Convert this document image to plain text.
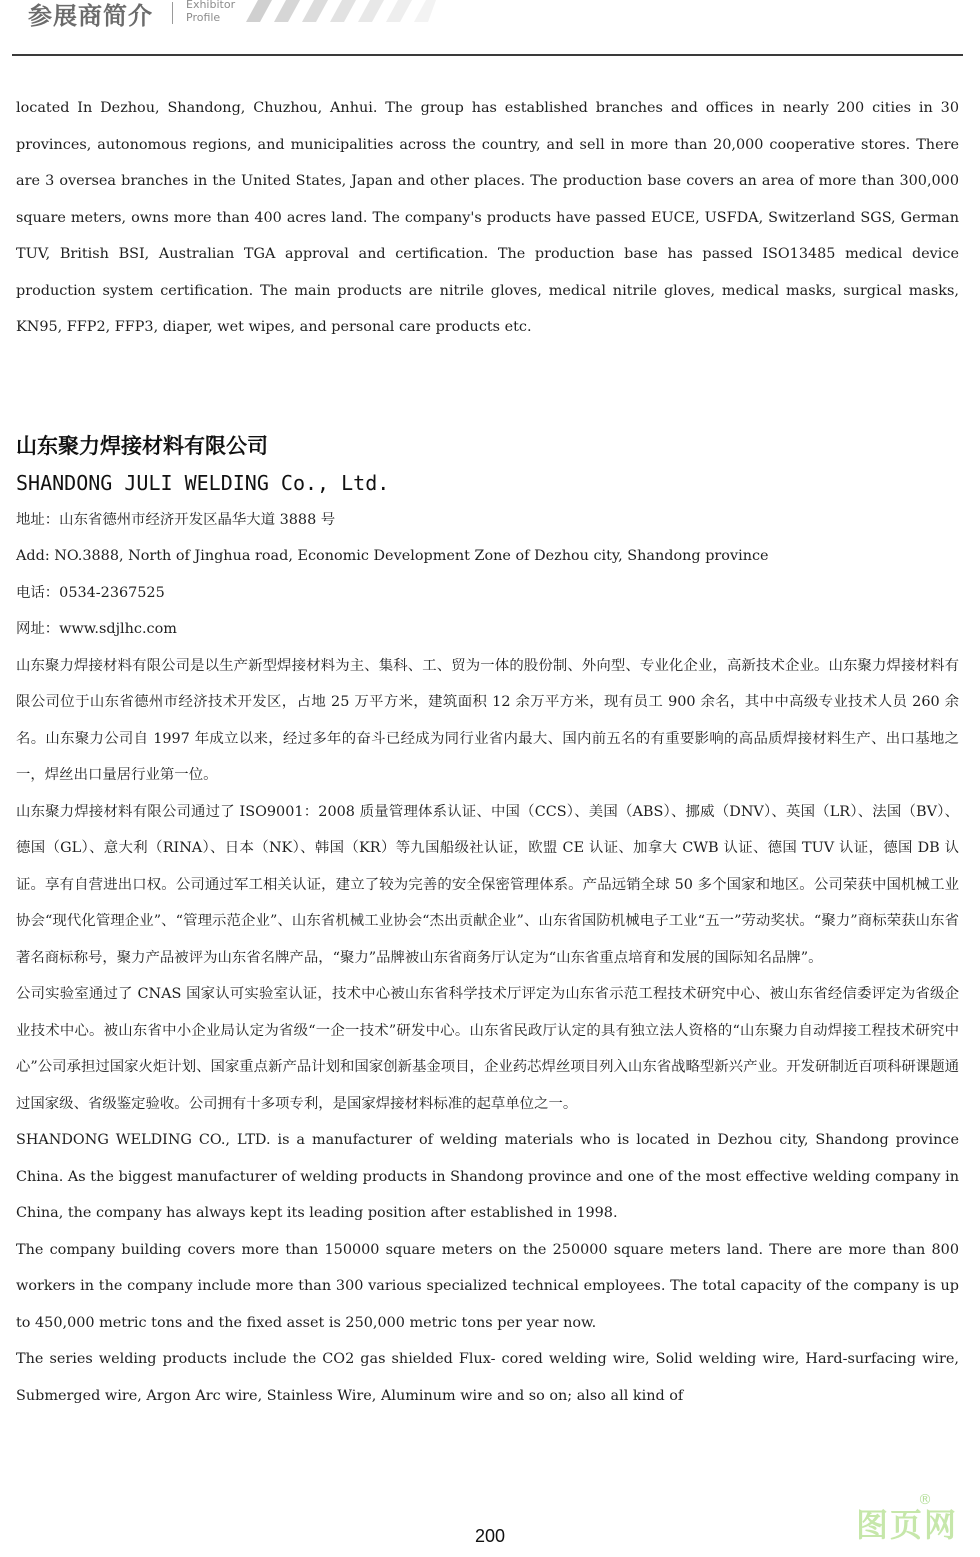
参展商简介	Exhibitor
Profile

located In Dezhou, Shandong, Chuzhou, Anhui. The group has established branches and offices in nearly 200 cities in 30 provinces, autonomous regions, and municipalities across the country, and sell in more than 20,000 cooperative stores. There are 3 oversea branches in the United States, Japan and other places. The production base covers an area of more than 300,000 square meters, owns more than 400 acres land. The company's products have passed EUCE, USFDA, Switzerland SGS, German TUV, British BSI, Australian TGA approval and certification. The production base has passed ISO13485 medical device production system certification. The main products are nitrile gloves, medical nitrile gloves, medical masks, surgical masks, KN95, FFP2, FFP3, diaper, wet wipes, and personal care products etc.

山东聚力焊接材料有限公司

SHANDONG JULI WELDING Co., Ltd.

地址：山东省德州市经济开发区晶华大道 3888 号

Add: NO.3888, North of Jinghua road, Economic Development Zone of Dezhou city, Shandong province

电话：0534-2367525

网址：www.sdjlhc.com

山东聚力焊接材料有限公司是以生产新型焊接材料为主、集科、工、贸为一体的股份制、外向型、专业化企业，高新技术企业。山东聚力焊接材料有限公司位于山东省德州市经济技术开发区，占地 25 万平方米，建筑面积 12 余万平方米，现有员工 900 余名，其中中高级专业技术人员 260 余名。山东聚力公司自 1997 年成立以来，经过多年的奋斗已经成为同行业省内最大、国内前五名的有重要影响的高品质焊接材料生产、出口基地之一，焊丝出口量居行业第一位。

山东聚力焊接材料有限公司通过了 ISO9001：2008 质量管理体系认证、中国（CCS）、美国（ABS）、挪威（DNV）、英国（LR）、法国（BV）、德国（GL）、意大利（RINA）、日本（NK）、韩国（KR）等九国船级社认证，欧盟 CE 认证、加拿大 CWB 认证、德国 TUV 认证，德国 DB 认证。享有自营进出口权。公司通过军工相关认证，建立了较为完善的安全保密管理体系。产品远销全球 50 多个国家和地区。公司荣获中国机械工业协会“现代化管理企业”、“管理示范企业”、山东省机械工业协会“杰出贡献企业”、山东省国防机械电子工业“五一”劳动奖状。“聚力”商标荣获山东省著名商标称号，聚力产品被评为山东省名牌产品，“聚力”品牌被山东省商务厅认定为“山东省重点培育和发展的国际知名品牌”。

公司实验室通过了 CNAS 国家认可实验室认证，技术中心被山东省科学技术厅评定为山东省示范工程技术研究中心、被山东省经信委评定为省级企业技术中心。被山东省中小企业局认定为省级“一企一技术”研发中心。山东省民政厅认定的具有独立法人资格的“山东聚力自动焊接工程技术研究中心”公司承担过国家火炬计划、国家重点新产品计划和国家创新基金项目，企业药芯焊丝项目列入山东省战略型新兴产业。开发研制近百项科研课题通过国家级、省级鉴定验收。公司拥有十多项专利，是国家焊接材料标准的起草单位之一。

SHANDONG WELDING CO., LTD. is a manufacturer of welding materials who is located in Dezhou city, Shandong province China. As the biggest manufacturer of welding products in Shandong province and one of the most effective welding company in China, the company has always kept its leading position after established in 1998.

The company building covers more than 150000 square meters on the 250000 square meters land. There are more than 800 workers in the company include more than 300 various specialized technical employees. The total capacity of the company is up to 450,000 metric tons and the fixed asset is 250,000 metric tons per year now.

The series welding products include the CO2 gas shielded Flux- cored welding wire, Solid welding wire, Hard-surfacing wire, Submerged wire, Argon Arc wire, Stainless Wire, Aluminum wire and so on; also all kind of

200	图页网
®
